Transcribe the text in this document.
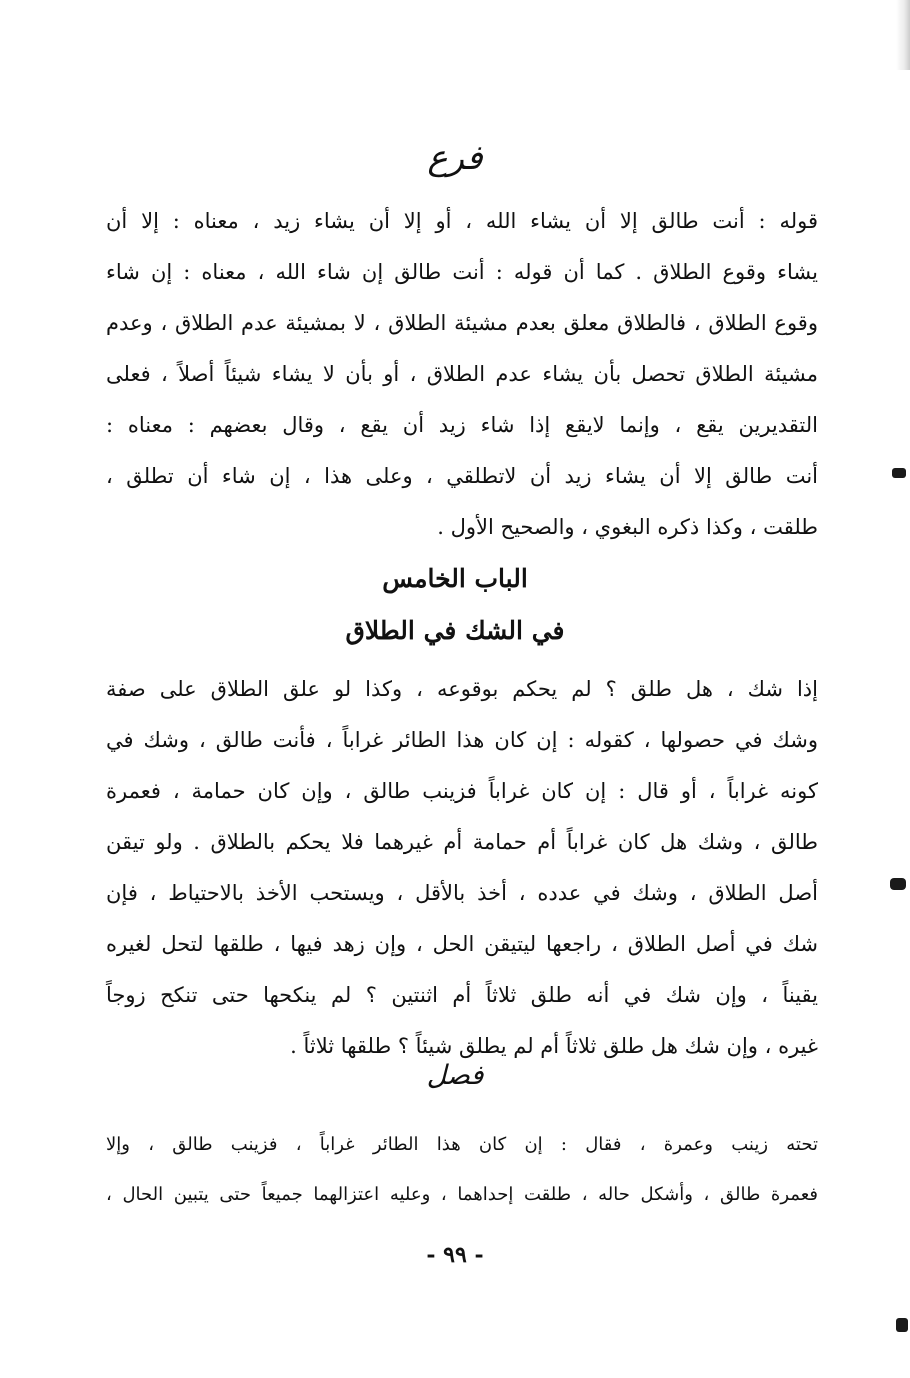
فرع
قوله : أنت طالق إلا أن يشاء الله ، أو إلا أن يشاء زيد ، معناه : إلا أن
يشاء وقوع الطلاق . كما أن قوله : أنت طالق إن شاء الله ، معناه : إن شاء
وقوع الطلاق ، فالطلاق معلق بعدم مشيئة الطلاق ، لا بمشيئة عدم الطلاق ، وعدم
مشيئة الطلاق تحصل بأن يشاء عدم الطلاق ، أو بأن لا يشاء شيئاً أصلاً ، فعلى
التقديرين يقع ، وإنما لايقع إذا شاء زيد أن يقع ، وقال بعضهم : معناه :
أنت طالق إلا أن يشاء زيد أن لاتطلقي ، وعلى هذا ، إن شاء أن تطلق ،
طلقت ، وكذا ذكره البغوي ، والصحيح الأول .
الباب الخامس
في الشك في الطلاق
إذا شك ، هل طلق ؟ لم يحكم بوقوعه ، وكذا لو علق الطلاق على صفة
وشك في حصولها ، كقوله : إن كان هذا الطائر غراباً ، فأنت طالق ، وشك في
كونه غراباً ، أو قال : إن كان غراباً فزينب طالق ، وإن كان حمامة ، فعمرة
طالق ، وشك هل كان غراباً أم حمامة أم غيرهما فلا يحكم بالطلاق . ولو تيقن
أصل الطلاق ، وشك في عدده ، أخذ بالأقل ، ويستحب الأخذ بالاحتياط ، فإن
شك في أصل الطلاق ، راجعها ليتيقن الحل ، وإن زهد فيها ، طلقها لتحل لغيره
يقيناً ، وإن شك في أنه طلق ثلاثاً أم اثنتين ؟ لم ينكحها حتى تنكح زوجاً
غيره ، وإن شك هل طلق ثلاثاً أم لم يطلق شيئاً ؟ طلقها ثلاثاً .
فصل
تحته زينب وعمرة ، فقال : إن كان هذا الطائر غراباً ، فزينب طالق ، وإلا
فعمرة طالق ، وأشكل حاله ، طلقت إحداهما ، وعليه اعتزالهما جميعاً حتى يتبين الحال ،
- ٩٩ -
